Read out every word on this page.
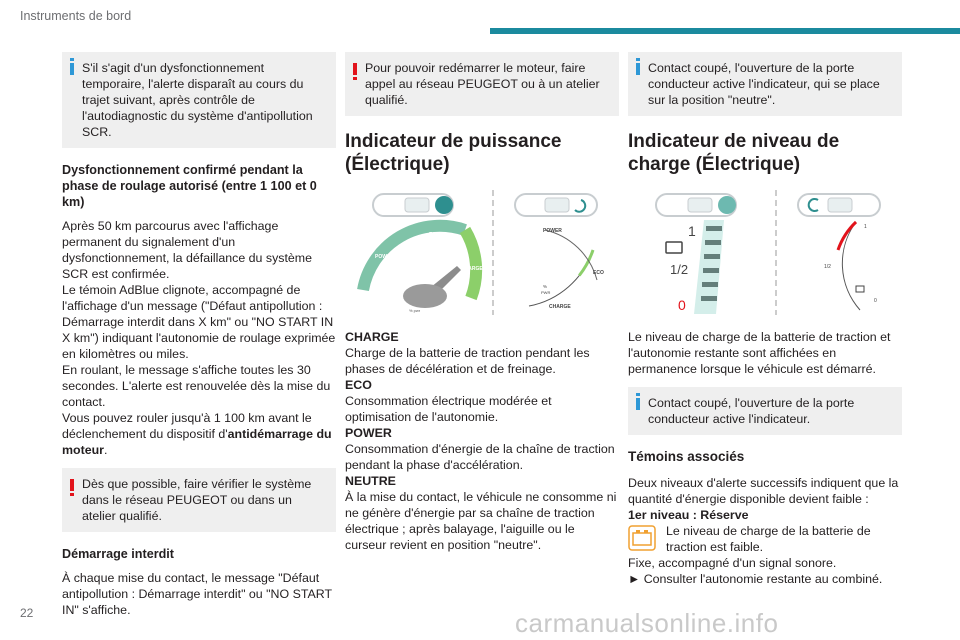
Instruments de bord

S'il s'agit d'un dysfonctionnement temporaire, l'alerte disparaît au cours du trajet suivant, après contrôle de l'autodiagnostic du système d'antipollution SCR.

Dysfonctionnement confirmé pendant la phase de roulage autorisé (entre 1 100 et 0 km)

Après 50 km parcourus avec l'affichage permanent du signalement d'un dysfonctionnement, la défaillance du système SCR est confirmée.

Le témoin AdBlue clignote, accompagné de l'affichage d'un message ("Défaut antipollution : Démarrage interdit dans X km" ou "NO START IN X km") indiquant l'autonomie de roulage exprimée en kilomètres ou miles.

En roulant, le message s'affiche toutes les 30 secondes. L'alerte est renouvelée dès la mise du contact.

Vous pouvez rouler jusqu'à 1 100 km avant le déclenchement du dispositif d'antidémarrage du moteur.

Dès que possible, faire vérifier le système dans le réseau PEUGEOT ou dans un atelier qualifié.

Démarrage interdit

À chaque mise du contact, le message "Défaut antipollution : Démarrage interdit" ou "NO START IN" s'affiche.

Pour pouvoir redémarrer le moteur, faire appel au réseau PEUGEOT ou à un atelier qualifié.

Indicateur de puissance (Électrique)
POWER
ECO
CHARGE
% pwr
POWER
ECO
CHARGE
%
PWR

CHARGE

Charge de la batterie de traction pendant les phases de décélération et de freinage.

ECO

Consommation électrique modérée et optimisation de l'autonomie.

POWER

Consommation d'énergie de la chaîne de traction pendant la phase d'accélération.

NEUTRE

À la mise du contact, le véhicule ne consomme ni ne génère d'énergie par sa chaîne de traction électrique ; après balayage, l'aiguille ou le curseur revient en position "neutre".

Contact coupé, l'ouverture de la porte conducteur active l'indicateur, qui se place sur la position "neutre".

Indicateur de niveau de charge (Électrique)
1
1/2
0
1
1/2
0

Le niveau de charge de la batterie de traction et l'autonomie restante sont affichées en permanence lorsque le véhicule est démarré.

Contact coupé, l'ouverture de la porte conducteur active l'indicateur.

Témoins associés

Deux niveaux d'alerte successifs indiquent que la quantité d'énergie disponible devient faible :

1er niveau : Réserve

Le niveau de charge de la batterie de traction est faible.

Fixe, accompagné d'un signal sonore.

► Consulter l'autonomie restante au combiné.

22	carmanualsonline.info
